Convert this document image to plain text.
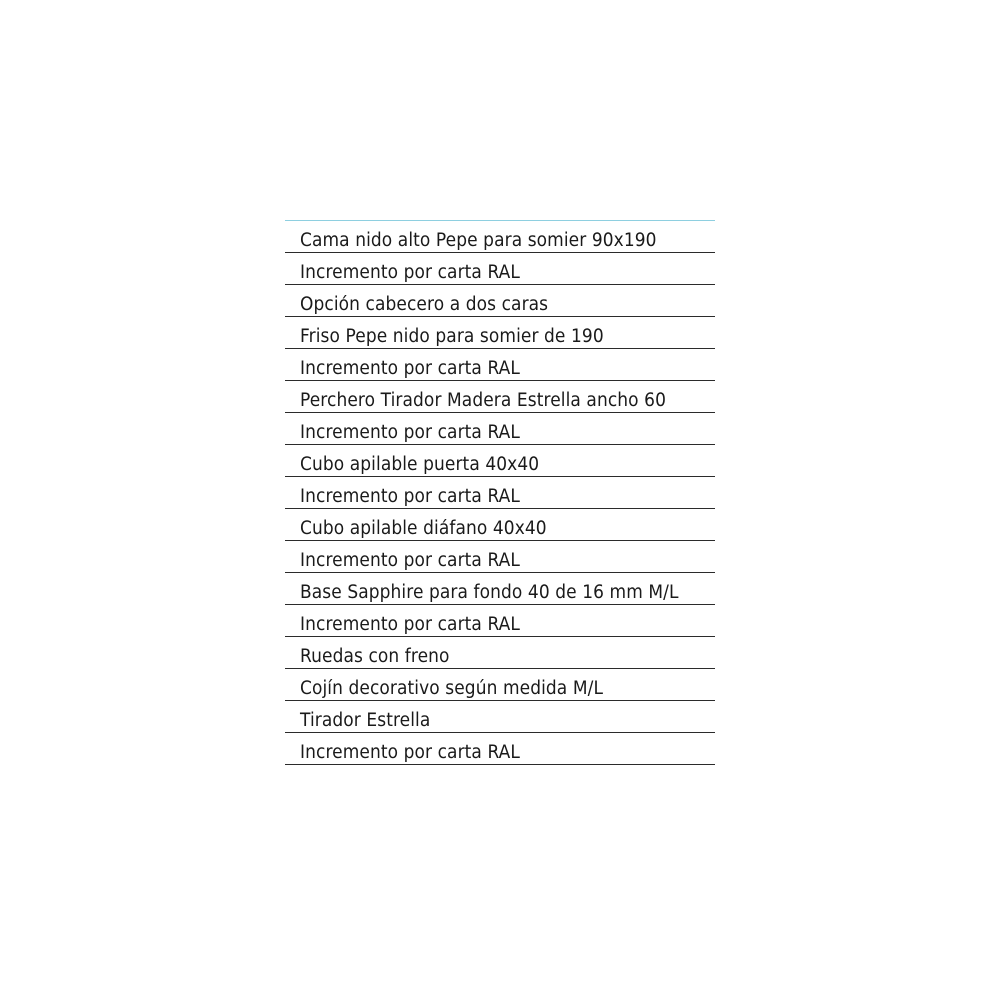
Cama nido alto Pepe para somier 90x190
Incremento por carta RAL
Opción cabecero a dos caras
Friso Pepe nido para somier de 190
Incremento por carta RAL
Perchero Tirador Madera Estrella ancho 60
Incremento por carta RAL
Cubo apilable puerta 40x40
Incremento por carta RAL
Cubo apilable diáfano 40x40
Incremento por carta RAL
Base Sapphire para fondo 40 de 16 mm M/L
Incremento por carta RAL
Ruedas con freno
Cojín decorativo según medida M/L
Tirador Estrella
Incremento por carta RAL
